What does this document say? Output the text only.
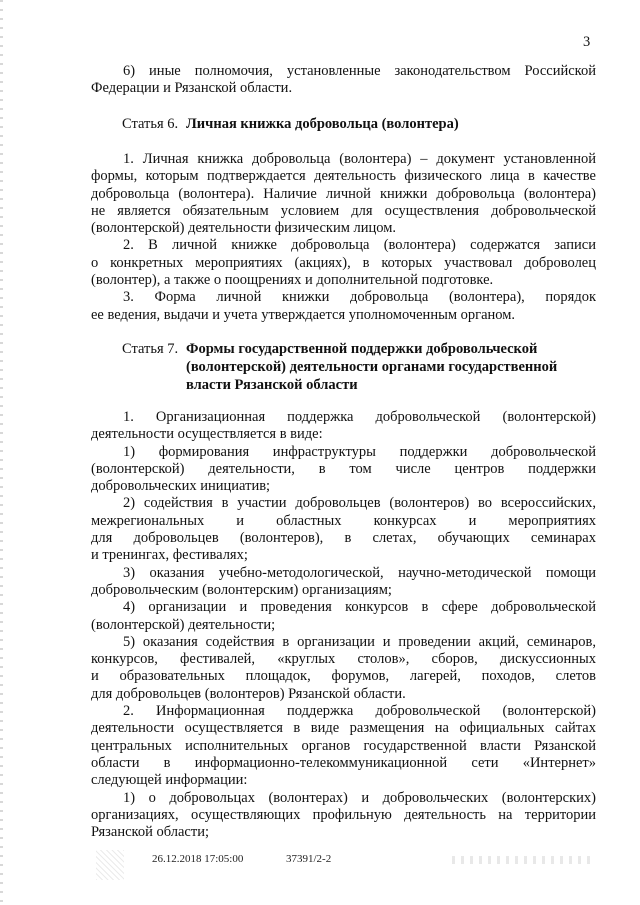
3
6) иные полномочия, установленные законодательством Российской
Федерации и Рязанской области.
Статья 6. Личная книжка добровольца (волонтера)
1. Личная книжка добровольца (волонтера) – документ установленной
формы, которым подтверждается деятельность физического лица в качестве
добровольца (волонтера). Наличие личной книжки добровольца (волонтера)
не является обязательным условием для осуществления добровольческой
(волонтерской) деятельности физическим лицом.
2. В личной книжке добровольца (волонтера) содержатся записи
о конкретных мероприятиях (акциях), в которых участвовал доброволец
(волонтер), а также о поощрениях и дополнительной подготовке.
3. Форма личной книжки добровольца (волонтера), порядок
ее ведения, выдачи и учета утверждается уполномоченным органом.
Статья 7. Формы государственной поддержки добровольческой
(волонтерской) деятельности органами государственной
власти Рязанской области
1. Организационная поддержка добровольческой (волонтерской)
деятельности осуществляется в виде:
1) формирования инфраструктуры поддержки добровольческой
(волонтерской) деятельности, в том числе центров поддержки
добровольческих инициатив;
2) содействия в участии добровольцев (волонтеров) во всероссийских,
межрегиональных и областных конкурсах и мероприятиях
для добровольцев (волонтеров), в слетах, обучающих семинарах
и тренингах, фестивалях;
3) оказания учебно-методологической, научно-методической помощи
добровольческим (волонтерским) организациям;
4) организации и проведения конкурсов в сфере добровольческой
(волонтерской) деятельности;
5) оказания содействия в организации и проведении акций, семинаров,
конкурсов, фестивалей, «круглых столов», сборов, дискуссионных
и образовательных площадок, форумов, лагерей, походов, слетов
для добровольцев (волонтеров) Рязанской области.
2. Информационная поддержка добровольческой (волонтерской)
деятельности осуществляется в виде размещения на официальных сайтах
центральных исполнительных органов государственной власти Рязанской
области в информационно-телекоммуникационной сети «Интернет»
следующей информации:
1) о добровольцах (волонтерах) и добровольческих (волонтерских)
организациях, осуществляющих профильную деятельность на территории
Рязанской области;
26.12.2018 17:05:00	37391/2-2
